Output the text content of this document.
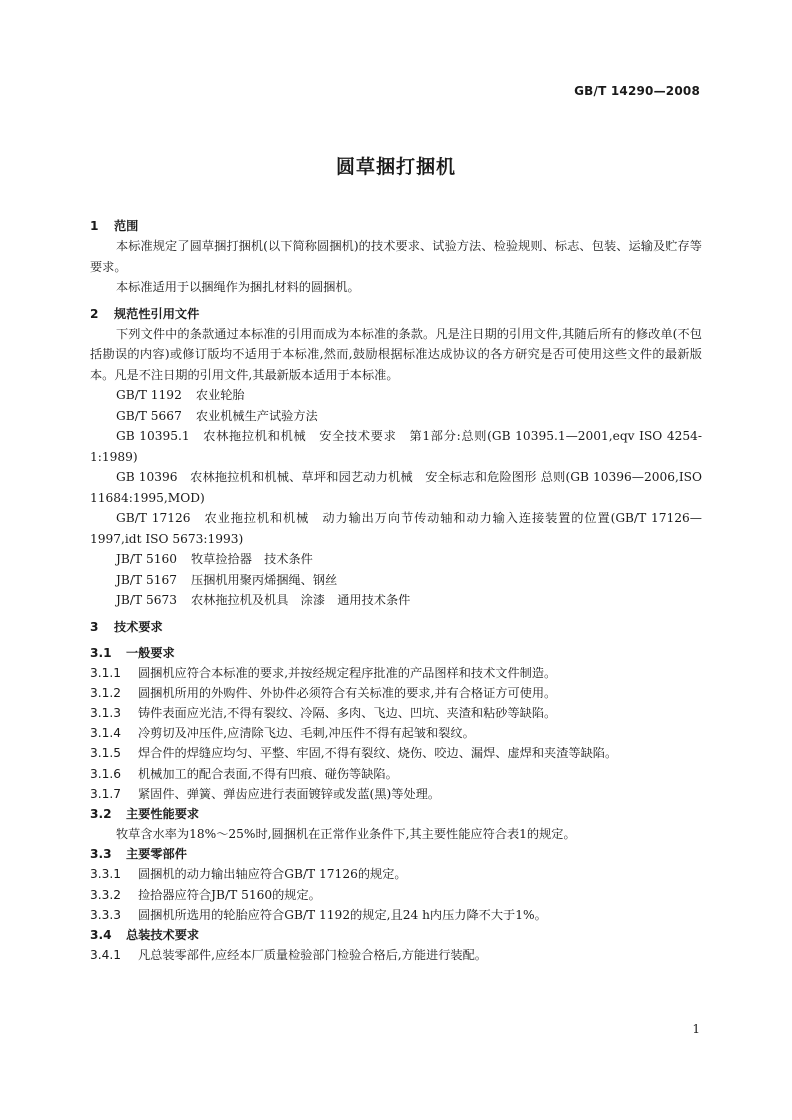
GB/T 14290—2008
圆草捆打捆机
1 范围

本标准规定了圆草捆打捆机(以下简称圆捆机)的技术要求、试验方法、检验规则、标志、包装、运输及贮存等要求。

本标准适用于以捆绳作为捆扎材料的圆捆机。

2 规范性引用文件

下列文件中的条款通过本标准的引用而成为本标准的条款。凡是注日期的引用文件,其随后所有的修改单(不包括勘误的内容)或修订版均不适用于本标准,然而,鼓励根据标准达成协议的各方研究是否可使用这些文件的最新版本。凡是不注日期的引用文件,其最新版本适用于本标准。

GB/T 1192 农业轮胎

GB/T 5667 农业机械生产试验方法

GB 10395.1　农林拖拉机和机械　安全技术要求　第1部分:总则(GB 10395.1—2001,eqv ISO 4254-1:1989)

GB 10396　农林拖拉机和机械、草坪和园艺动力机械　安全标志和危险图形 总则(GB 10396—2006,ISO 11684:1995,MOD)

GB/T 17126　农业拖拉机和机械　动力输出万向节传动轴和动力输入连接装置的位置(GB/T 17126—1997,idt ISO 5673:1993)

JB/T 5160 牧草捡拾器　技术条件

JB/T 5167 压捆机用聚丙烯捆绳、钢丝

JB/T 5673 农林拖拉机及机具　涂漆　通用技术条件

3 技术要求
3.1 一般要求

3.1.1 圆捆机应符合本标准的要求,并按经规定程序批准的产品图样和技术文件制造。

3.1.2 圆捆机所用的外购件、外协件必须符合有关标准的要求,并有合格证方可使用。

3.1.3 铸件表面应光洁,不得有裂纹、冷隔、多肉、飞边、凹坑、夹渣和粘砂等缺陷。

3.1.4 冷剪切及冲压件,应清除飞边、毛刺,冲压件不得有起皱和裂纹。

3.1.5 焊合件的焊缝应均匀、平整、牢固,不得有裂纹、烧伤、咬边、漏焊、虚焊和夹渣等缺陷。

3.1.6 机械加工的配合表面,不得有凹痕、碰伤等缺陷。

3.1.7 紧固件、弹簧、弹齿应进行表面镀锌或发蓝(黑)等处理。

3.2 主要性能要求

牧草含水率为18%～25%时,圆捆机在正常作业条件下,其主要性能应符合表1的规定。

3.3 主要零部件

3.3.1 圆捆机的动力输出轴应符合GB/T 17126的规定。

3.3.2 捡拾器应符合JB/T 5160的规定。

3.3.3 圆捆机所选用的轮胎应符合GB/T 1192的规定,且24 h内压力降不大于1%。

3.4 总装技术要求

3.4.1 凡总装零部件,应经本厂质量检验部门检验合格后,方能进行装配。

1
